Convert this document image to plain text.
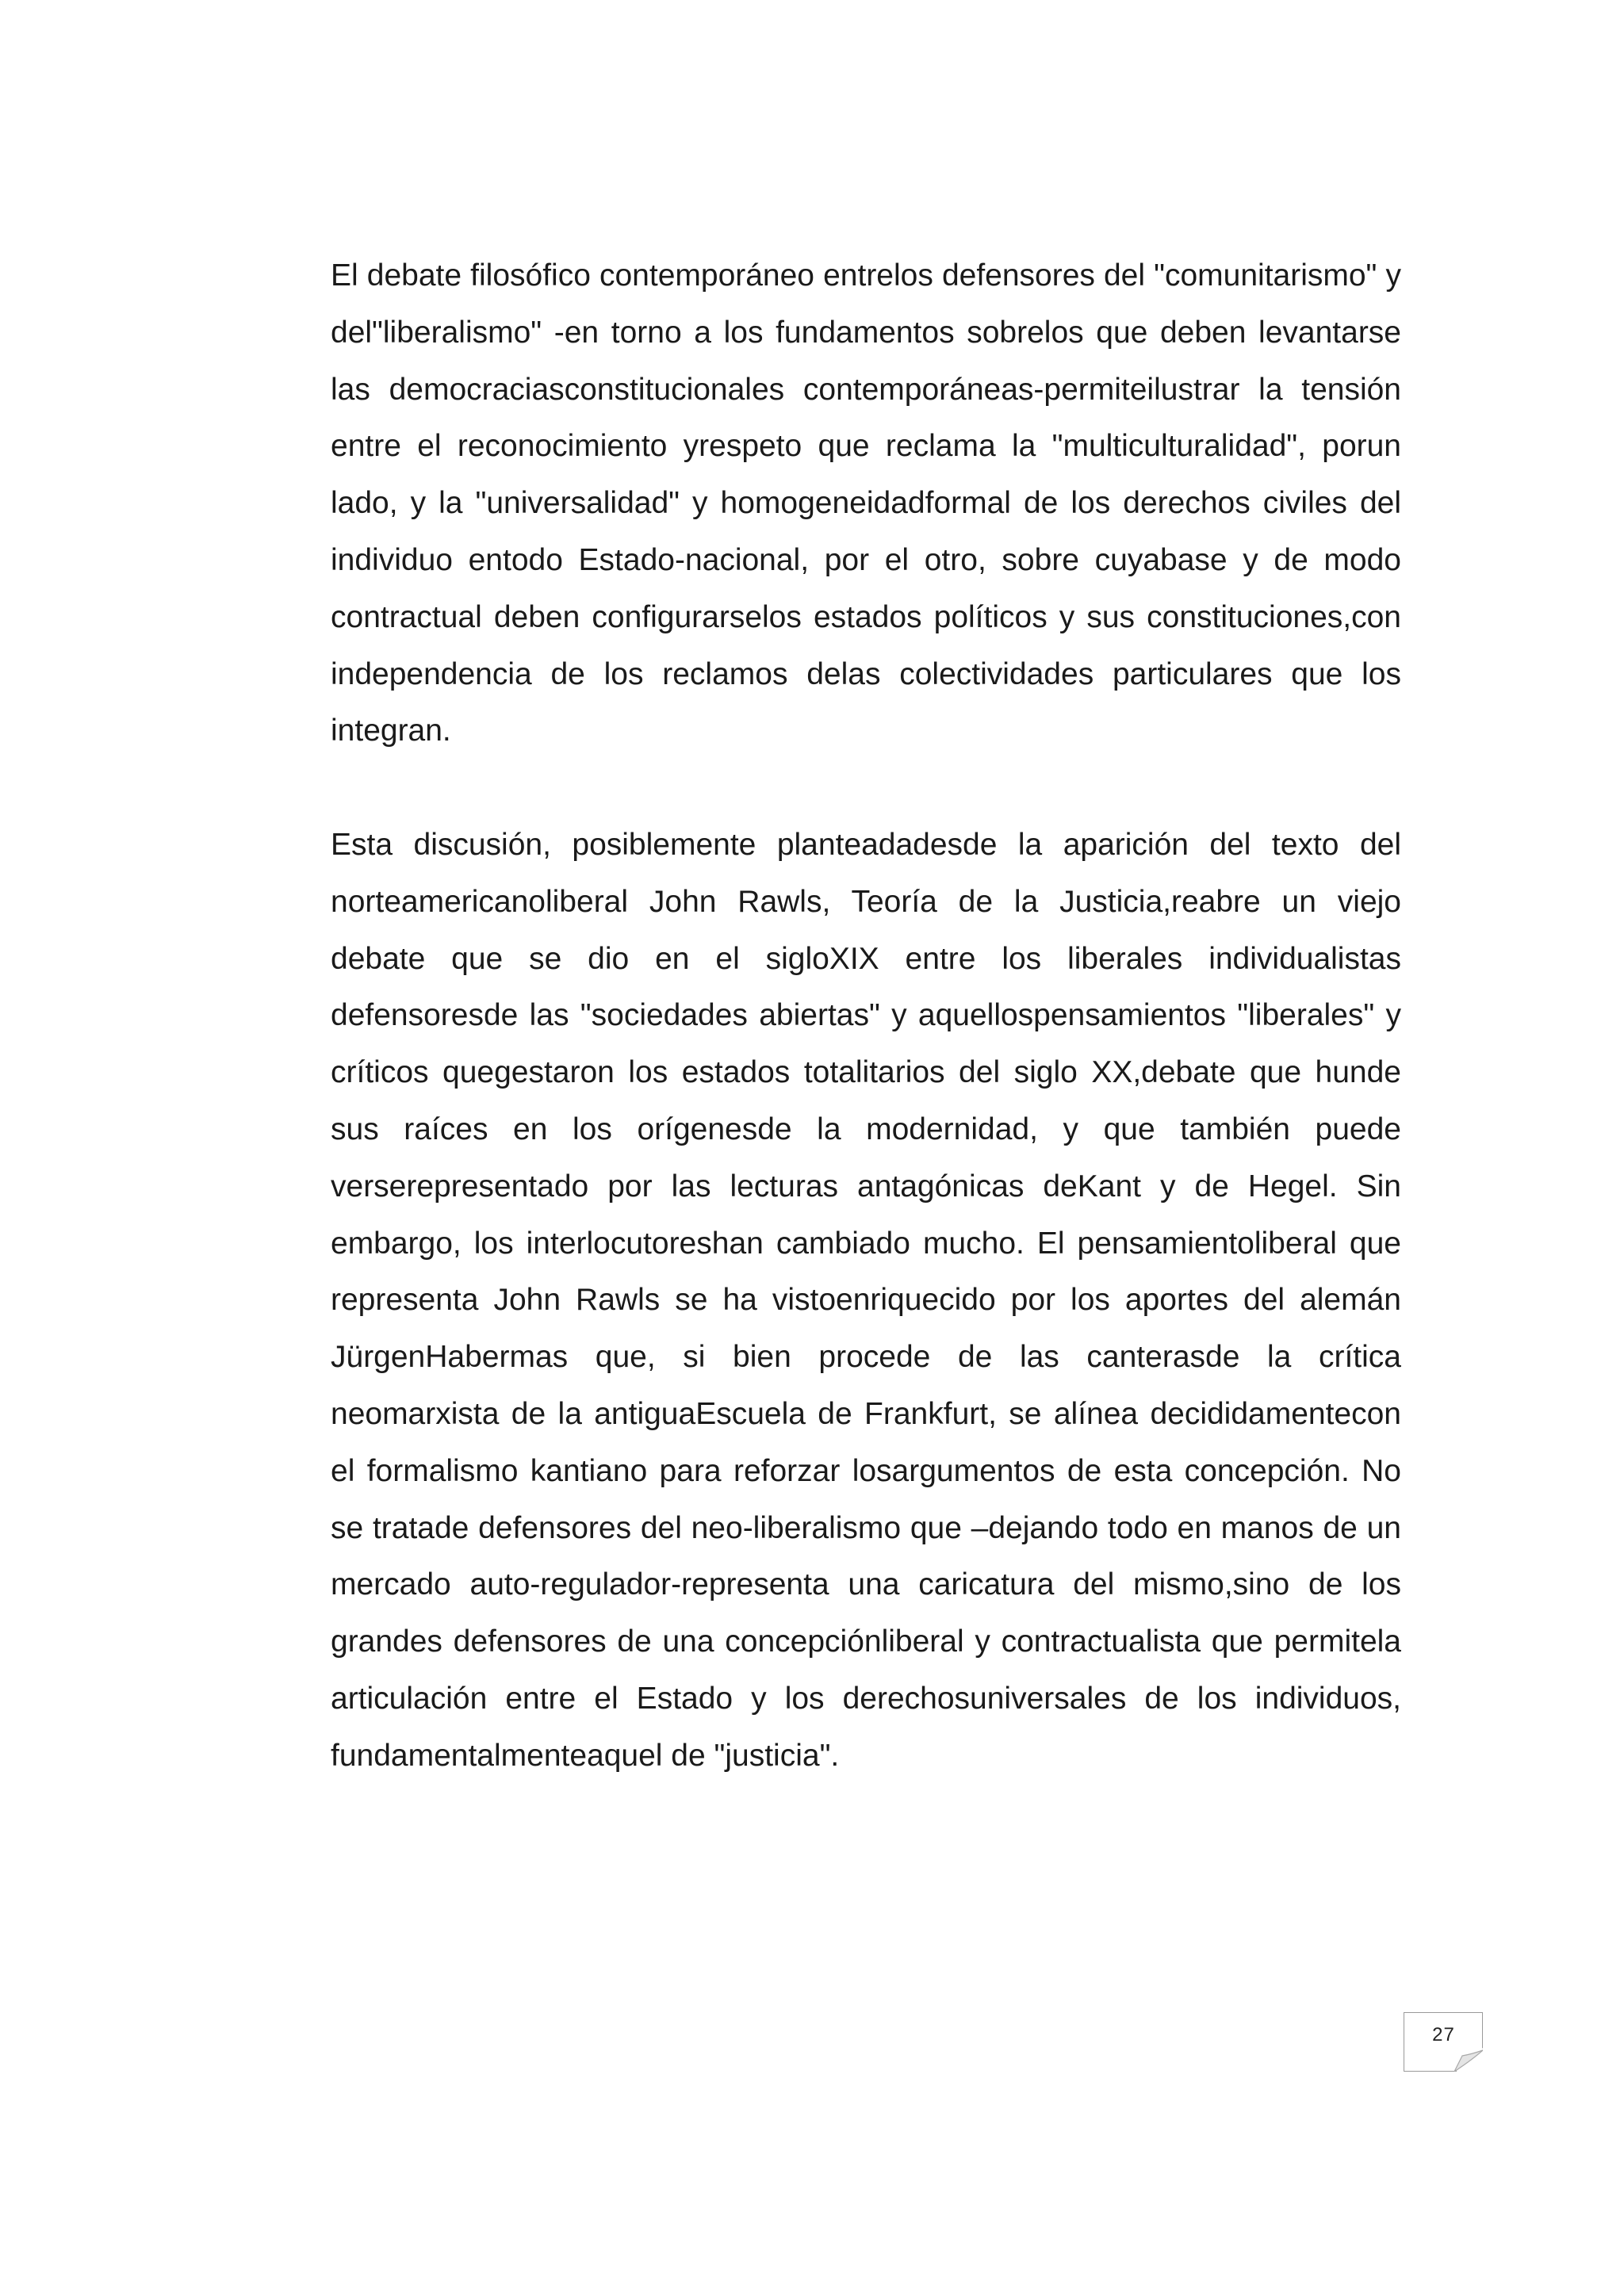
El debate filosófico contemporáneo entrelos defensores del "comunitarismo" y del"liberalismo" -en torno a los fundamentos sobrelos que deben levantarse las democraciasconstitucionales contemporáneas-permiteilustrar la tensión entre el reconocimiento yrespeto que reclama la "multiculturalidad", porun lado, y la "universalidad" y homogeneidadformal de los derechos civiles del individuo entodo Estado-nacional, por el otro, sobre cuyabase y de modo contractual deben configurarselos estados políticos y sus constituciones,con independencia de los reclamos delas colectividades particulares que los integran.

Esta discusión, posiblemente planteadadesde la aparición del texto del norteamericanoliberal John Rawls, Teoría de la Justicia,reabre un viejo debate que se dio en el sigloXIX entre los liberales individualistas defensoresde las "sociedades abiertas" y aquellospensamientos "liberales" y críticos quegestaron los estados totalitarios del siglo XX,debate que hunde sus raíces en los orígenesde la modernidad, y que también puede verserepresentado por las lecturas antagónicas deKant y de Hegel. Sin embargo, los interlocutoreshan cambiado mucho. El pensamientoliberal que representa John Rawls se ha vistoenriquecido por los aportes del alemán JürgenHabermas que, si bien procede de las canterasde la crítica neomarxista de la antiguaEscuela de Frankfurt, se alínea decididamentecon el formalismo kantiano para reforzar losargumentos de esta concepción. No se tratade defensores del neo-liberalismo que –dejando todo en manos de un mercado auto-regulador-representa una caricatura del mismo,sino de los grandes defensores de una concepciónliberal y contractualista que permitela articulación entre el Estado y los derechosuniversales de los individuos, fundamentalmenteaquel de "justicia".

27
